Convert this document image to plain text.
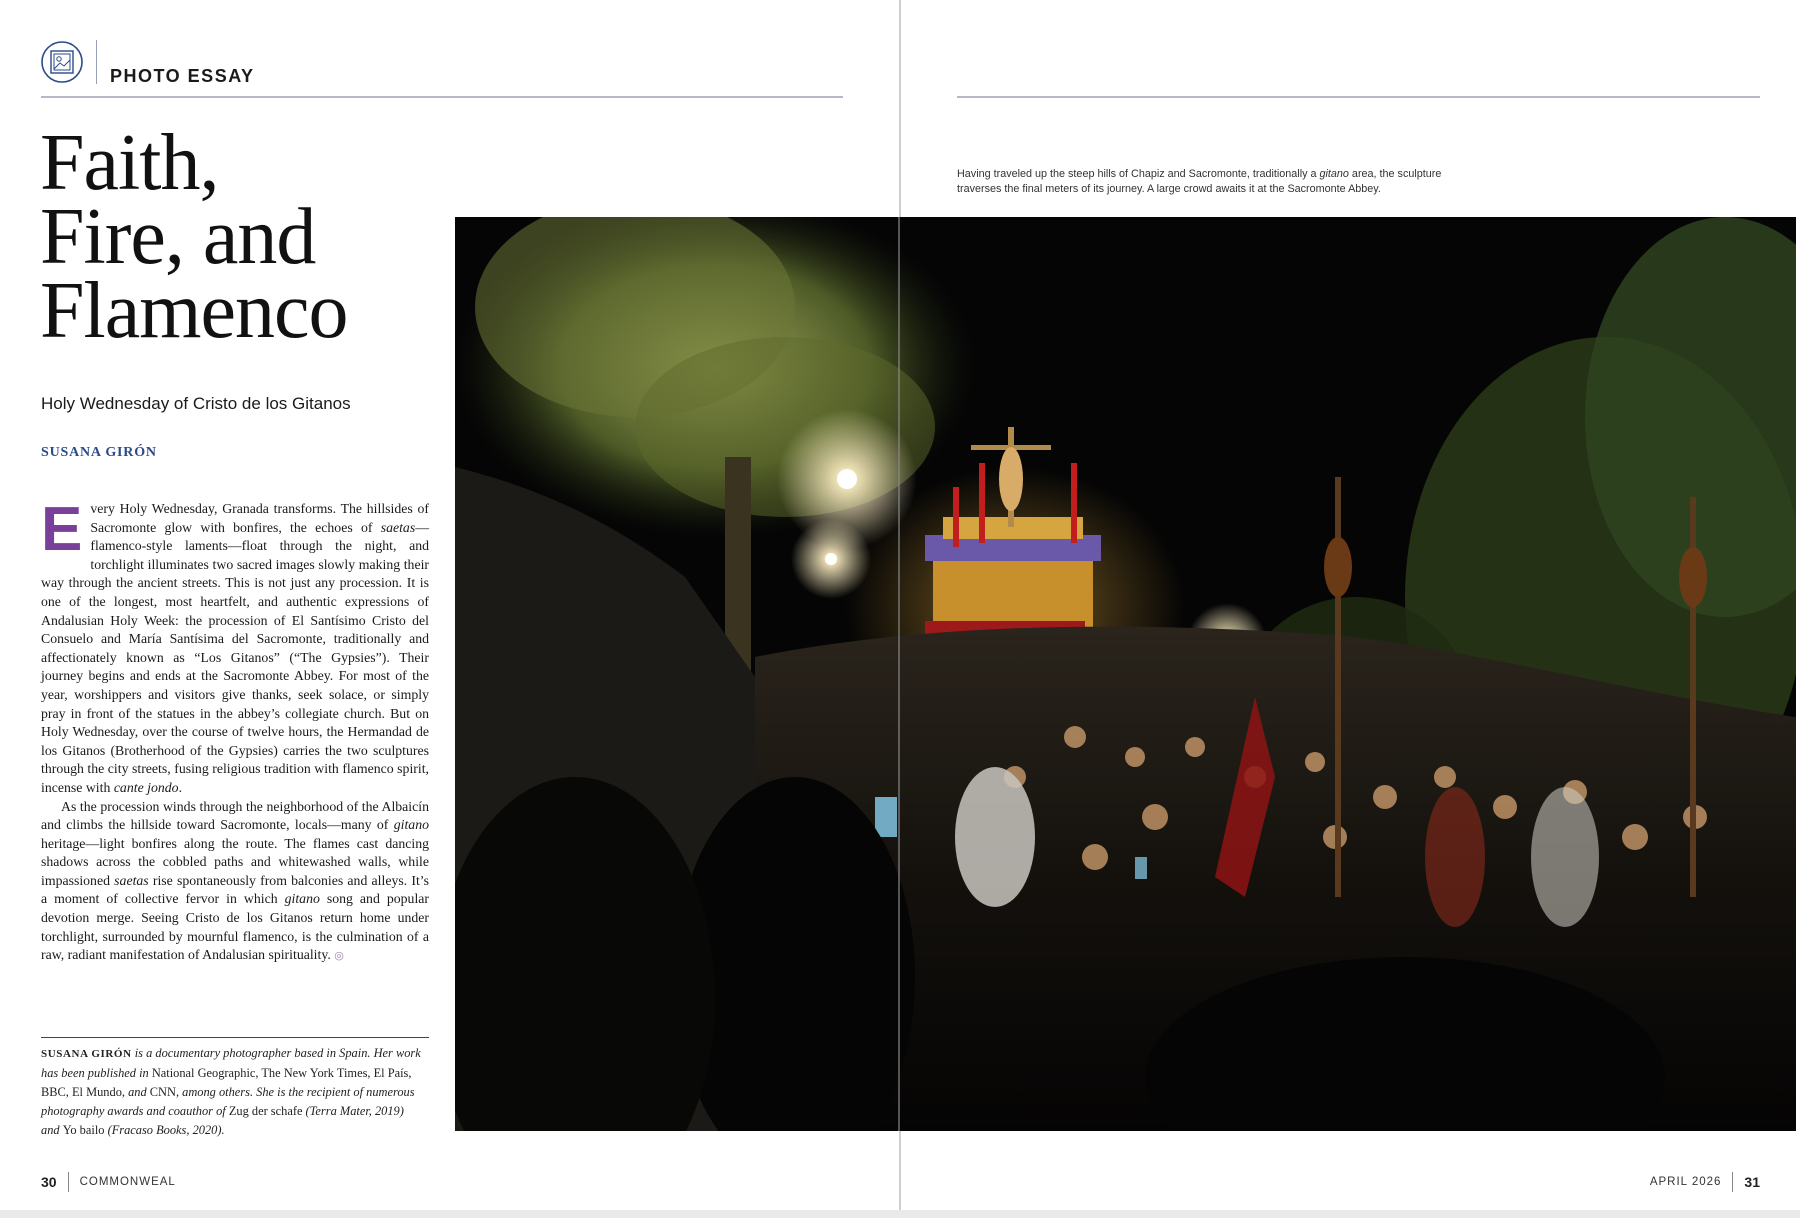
PHOTO ESSAY
Faith,
Fire, and
Flamenco
Holy Wednesday of Cristo de los Gitanos
SUSANA GIRÓN

Every Holy Wednesday, Granada transforms. The hillsides of Sacromonte glow with bonfires, the echoes of saetas—flamenco-style laments—float through the night, and torchlight illuminates two sacred images slowly making their way through the ancient streets. This is not just any procession. It is one of the longest, most heartfelt, and authentic expressions of Andalusian Holy Week: the procession of El Santísimo Cristo del Consuelo and María Santísima del Sacromonte, traditionally and affectionately known as “Los Gitanos” (“The Gypsies”). Their journey begins and ends at the Sacromonte Abbey. For most of the year, worshippers and visitors give thanks, seek solace, or simply pray in front of the statues in the abbey’s collegiate church. But on Holy Wednesday, over the course of twelve hours, the Hermandad de los Gitanos (Brotherhood of the Gypsies) carries the two sculptures through the city streets, fusing religious tradition with flamenco spirit, incense with cante jondo.

As the procession winds through the neighborhood of the Albaicín and climbs the hillside toward Sacromonte, locals—many of gitano heritage—light bonfires along the route. The flames cast dancing shadows across the cobbled paths and whitewashed walls, while impassioned saetas rise spontaneously from balconies and alleys. It’s a moment of collective fervor in which gitano song and popular devotion merge. Seeing Cristo de los Gitanos return home under torchlight, surrounded by mournful flamenco, is the culmination of a raw, radiant manifestation of Andalusian spirituality. ◎

SUSANA GIRÓN is a documentary photographer based in Spain. Her work has been published in National Geographic, The New York Times, El País, BBC, El Mundo, and CNN, among others. She is the recipient of numerous photography awards and coauthor of Zug der schafe (Terra Mater, 2019) and Yo bailo (Fracaso Books, 2020).
30 COMMONWEAL
Having traveled up the steep hills of Chapiz and Sacromonte, traditionally a gitano area, the sculpture traverses the final meters of its journey. A large crowd awaits it at the Sacromonte Abbey.
APRIL 2026 31
